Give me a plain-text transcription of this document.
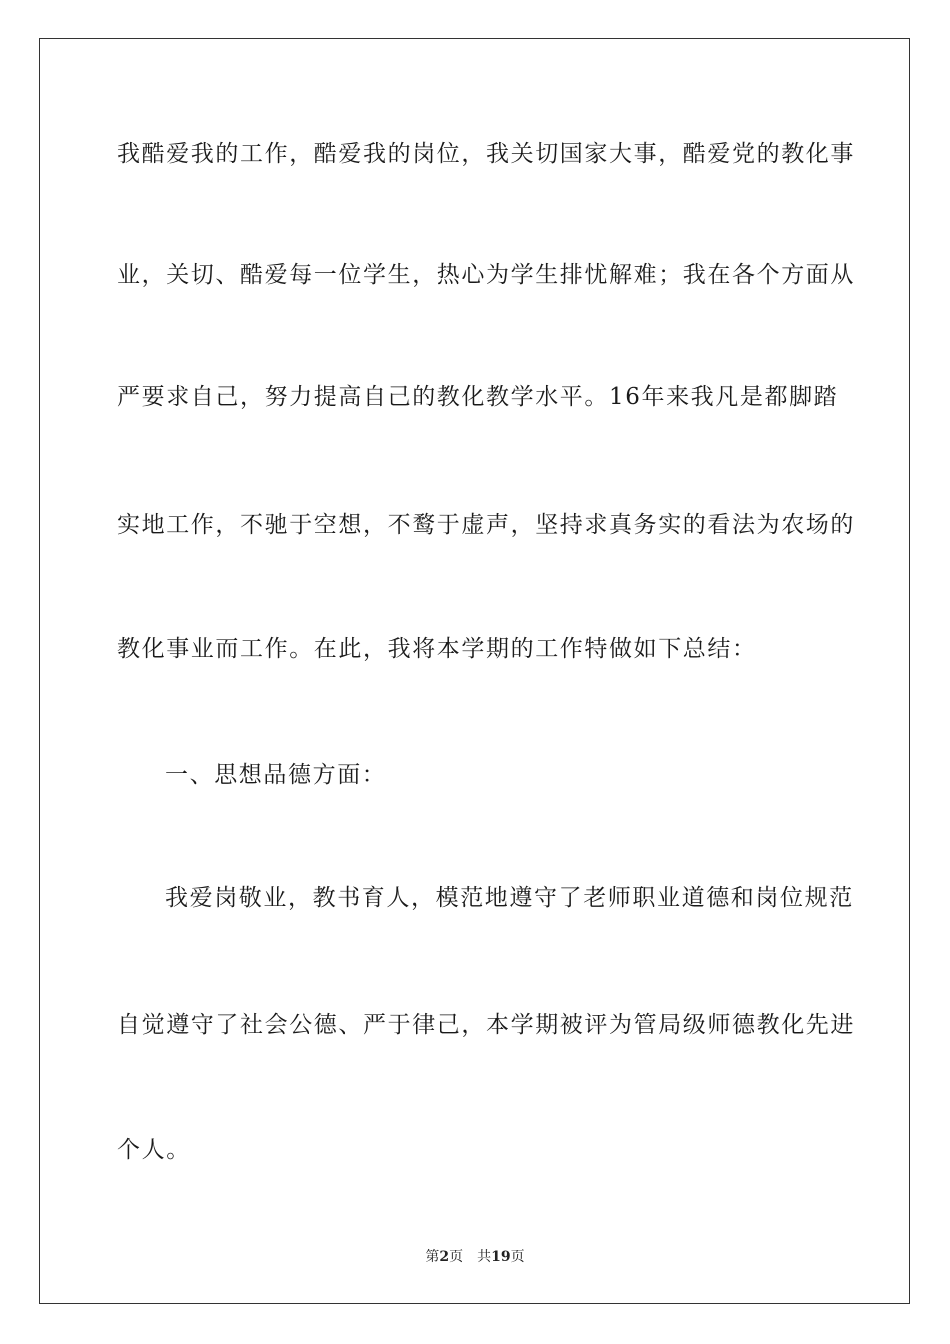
我酷爱我的工作，酷爱我的岗位，我关切国家大事，酷爱党的教化事
业，关切、酷爱每一位学生，热心为学生排忧解难；我在各个方面从
严要求自己，努力提高自己的教化教学水平。16年来我凡是都脚踏
实地工作，不驰于空想，不鹜于虚声，坚持求真务实的看法为农场的
教化事业而工作。在此，我将本学期的工作特做如下总结：
一、思想品德方面：
我爱岗敬业，教书育人，模范地遵守了老师职业道德和岗位规范
自觉遵守了社会公德、严于律己，本学期被评为管局级师德教化先进
个人。
第2页 共19页
